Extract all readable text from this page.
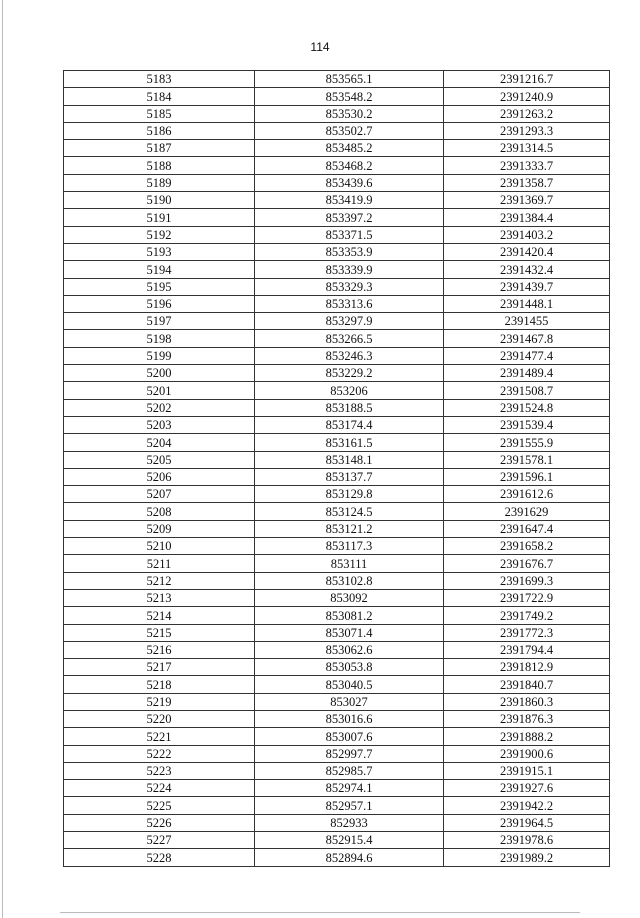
114
5183	853565.1	2391216.7
5184	853548.2	2391240.9
5185	853530.2	2391263.2
5186	853502.7	2391293.3
5187	853485.2	2391314.5
5188	853468.2	2391333.7
5189	853439.6	2391358.7
5190	853419.9	2391369.7
5191	853397.2	2391384.4
5192	853371.5	2391403.2
5193	853353.9	2391420.4
5194	853339.9	2391432.4
5195	853329.3	2391439.7
5196	853313.6	2391448.1
5197	853297.9	2391455
5198	853266.5	2391467.8
5199	853246.3	2391477.4
5200	853229.2	2391489.4
5201	853206	2391508.7
5202	853188.5	2391524.8
5203	853174.4	2391539.4
5204	853161.5	2391555.9
5205	853148.1	2391578.1
5206	853137.7	2391596.1
5207	853129.8	2391612.6
5208	853124.5	2391629
5209	853121.2	2391647.4
5210	853117.3	2391658.2
5211	853111	2391676.7
5212	853102.8	2391699.3
5213	853092	2391722.9
5214	853081.2	2391749.2
5215	853071.4	2391772.3
5216	853062.6	2391794.4
5217	853053.8	2391812.9
5218	853040.5	2391840.7
5219	853027	2391860.3
5220	853016.6	2391876.3
5221	853007.6	2391888.2
5222	852997.7	2391900.6
5223	852985.7	2391915.1
5224	852974.1	2391927.6
5225	852957.1	2391942.2
5226	852933	2391964.5
5227	852915.4	2391978.6
5228	852894.6	2391989.2
